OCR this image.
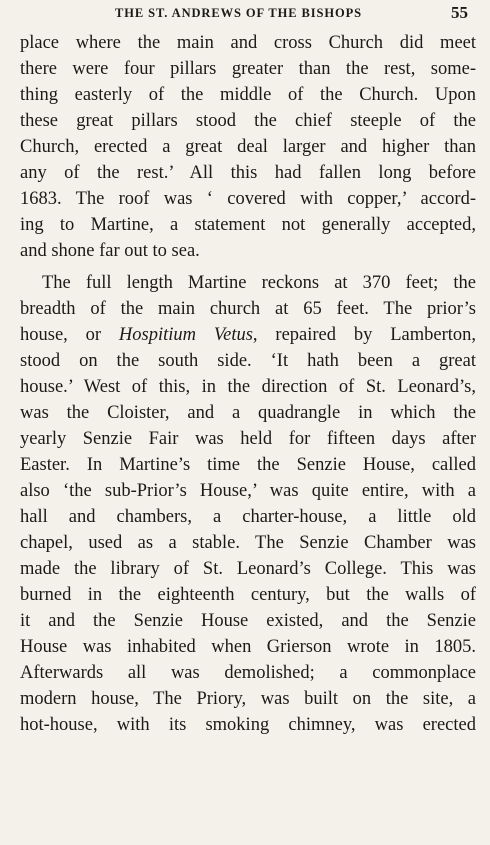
THE ST. ANDREWS OF THE BISHOPS	55
place where the main and cross Church did meet
there were four pillars greater than the rest, some-
thing easterly of the middle of the Church. Upon
these great pillars stood the chief steeple of the
Church, erected a great deal larger and higher than
any of the rest.’ All this had fallen long before
1683. The roof was ‘ covered with copper,’ accord-
ing to Martine, a statement not generally accepted,
and shone far out to sea.
The full length Martine reckons at 370 feet; the
breadth of the main church at 65 feet. The prior’s
house, or Hospitium Vetus, repaired by Lamberton,
stood on the south side. ‘It hath been a great
house.’ West of this, in the direction of St. Leonard’s,
was the Cloister, and a quadrangle in which the
yearly Senzie Fair was held for fifteen days after
Easter. In Martine’s time the Senzie House, called
also ‘the sub-Prior’s House,’ was quite entire, with a
hall and chambers, a charter-house, a little old
chapel, used as a stable. The Senzie Chamber was
made the library of St. Leonard’s College. This was
burned in the eighteenth century, but the walls of
it and the Senzie House existed, and the Senzie
House was inhabited when Grierson wrote in 1805.
Afterwards all was demolished; a commonplace
modern house, The Priory, was built on the site, a
hot-house, with its smoking chimney, was erected
